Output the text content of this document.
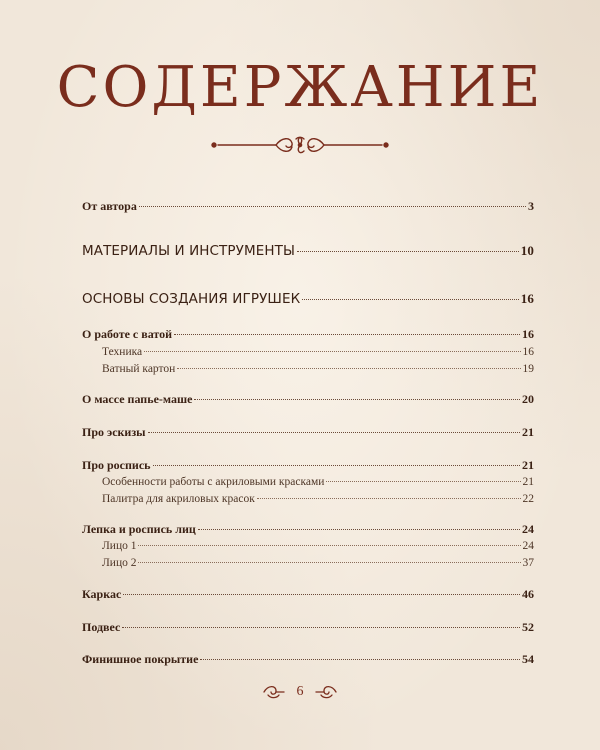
СОДЕРЖАНИЕ
От автора	3
МАТЕРИАЛЫ И ИНСТРУМЕНТЫ	10
ОСНОВЫ СОЗДАНИЯ ИГРУШЕК	16
О работе с ватой	16
Техника	16
Ватный картон	19
О массе папье-маше	20
Про эскизы	21
Про роспись	21
Особенности работы с акриловыми красками	21
Палитра для акриловых красок	22
Лепка и роспись лиц	24
Лицо 1	24
Лицо 2	37
Каркас	46
Подвес	52
Финишное покрытие	54
6
